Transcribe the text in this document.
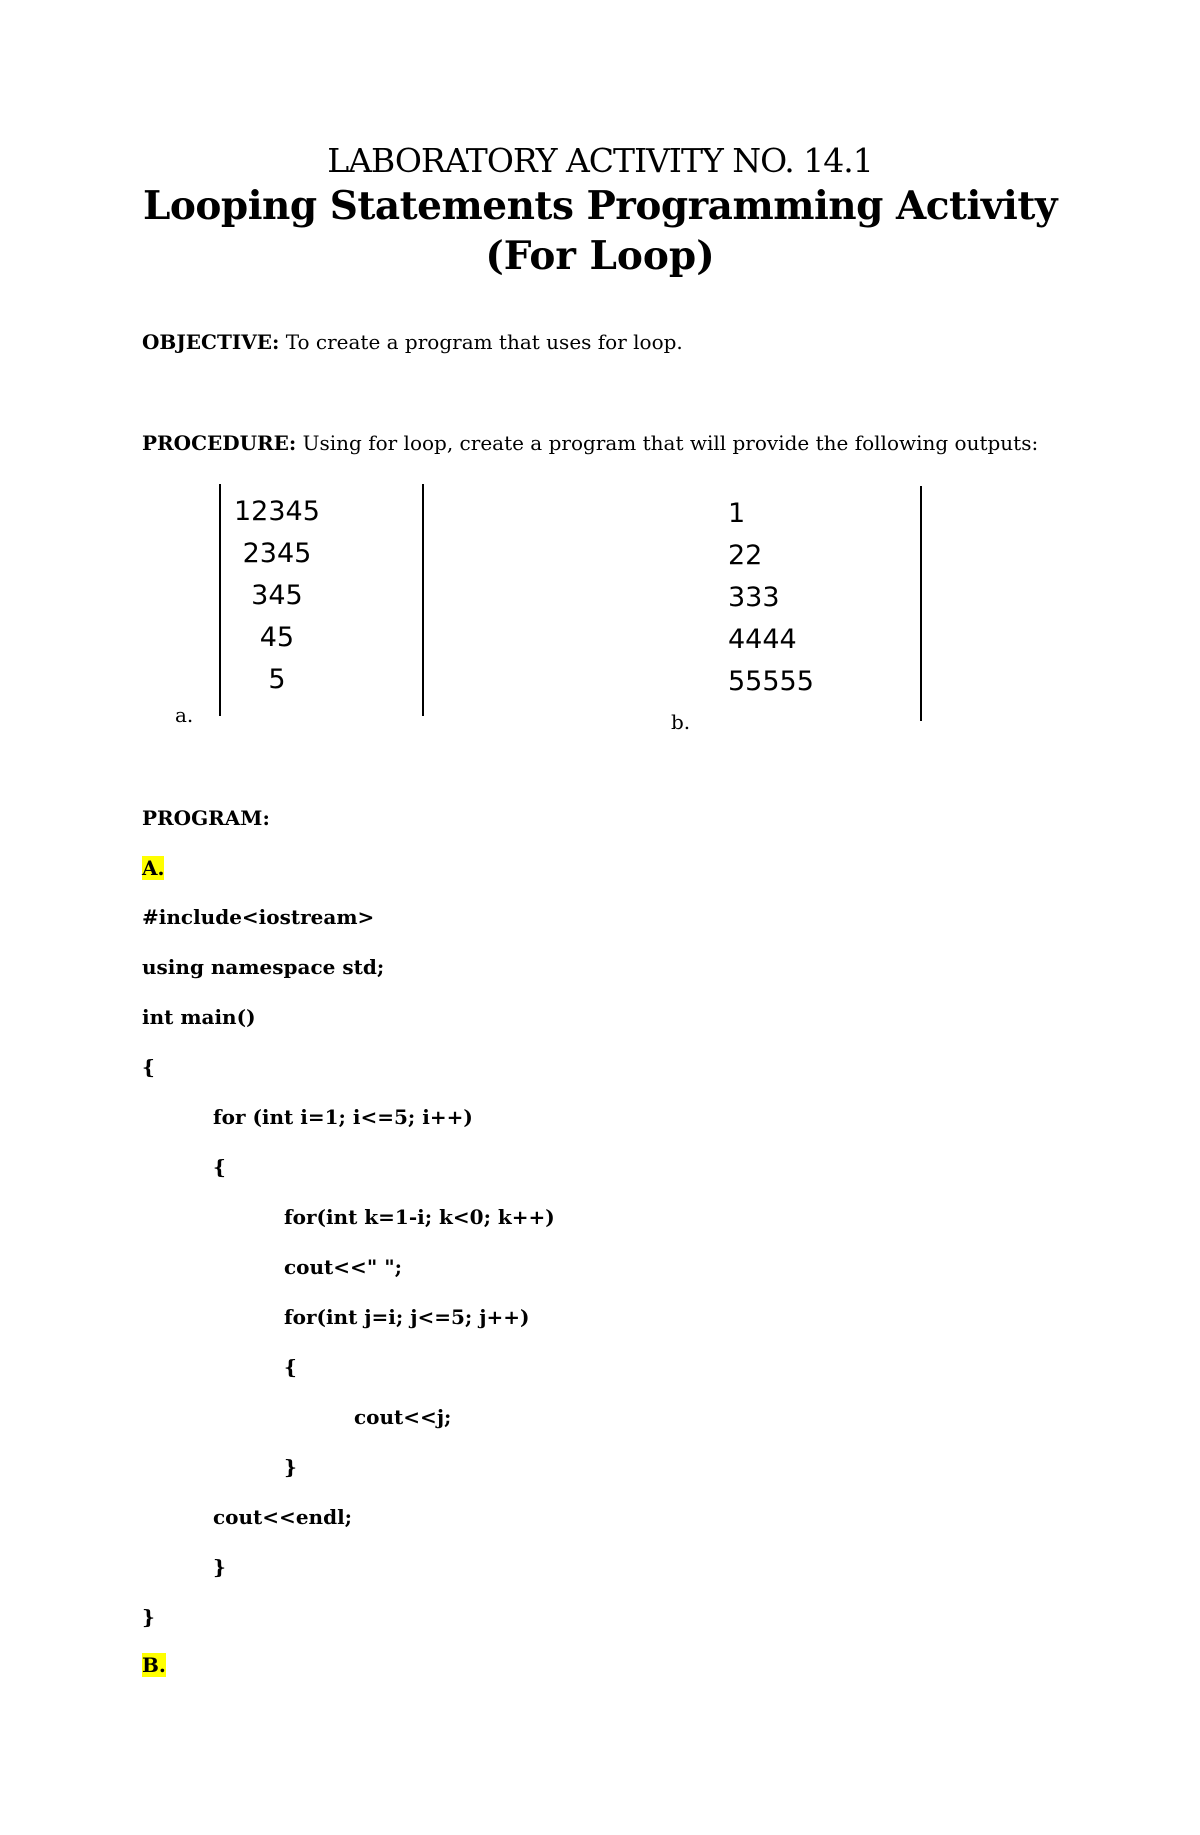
LABORATORY ACTIVITY NO. 14.1
Looping Statements Programming Activity
(For Loop)
OBJECTIVE: To create a program that uses for loop.
PROCEDURE: Using for loop, create a program that will provide the following outputs:
12345
2345
345
45
5
a.
1
22
333
4444
55555
b.
PROGRAM:
A.
#include<iostream>
using namespace std;
int main()
{
for (int i=1; i<=5; i++)
{
for(int k=1-i; k<0; k++)
cout<<" ";
for(int j=i; j<=5; j++)
{
cout<<j;
}
cout<<endl;
}
}
B.
